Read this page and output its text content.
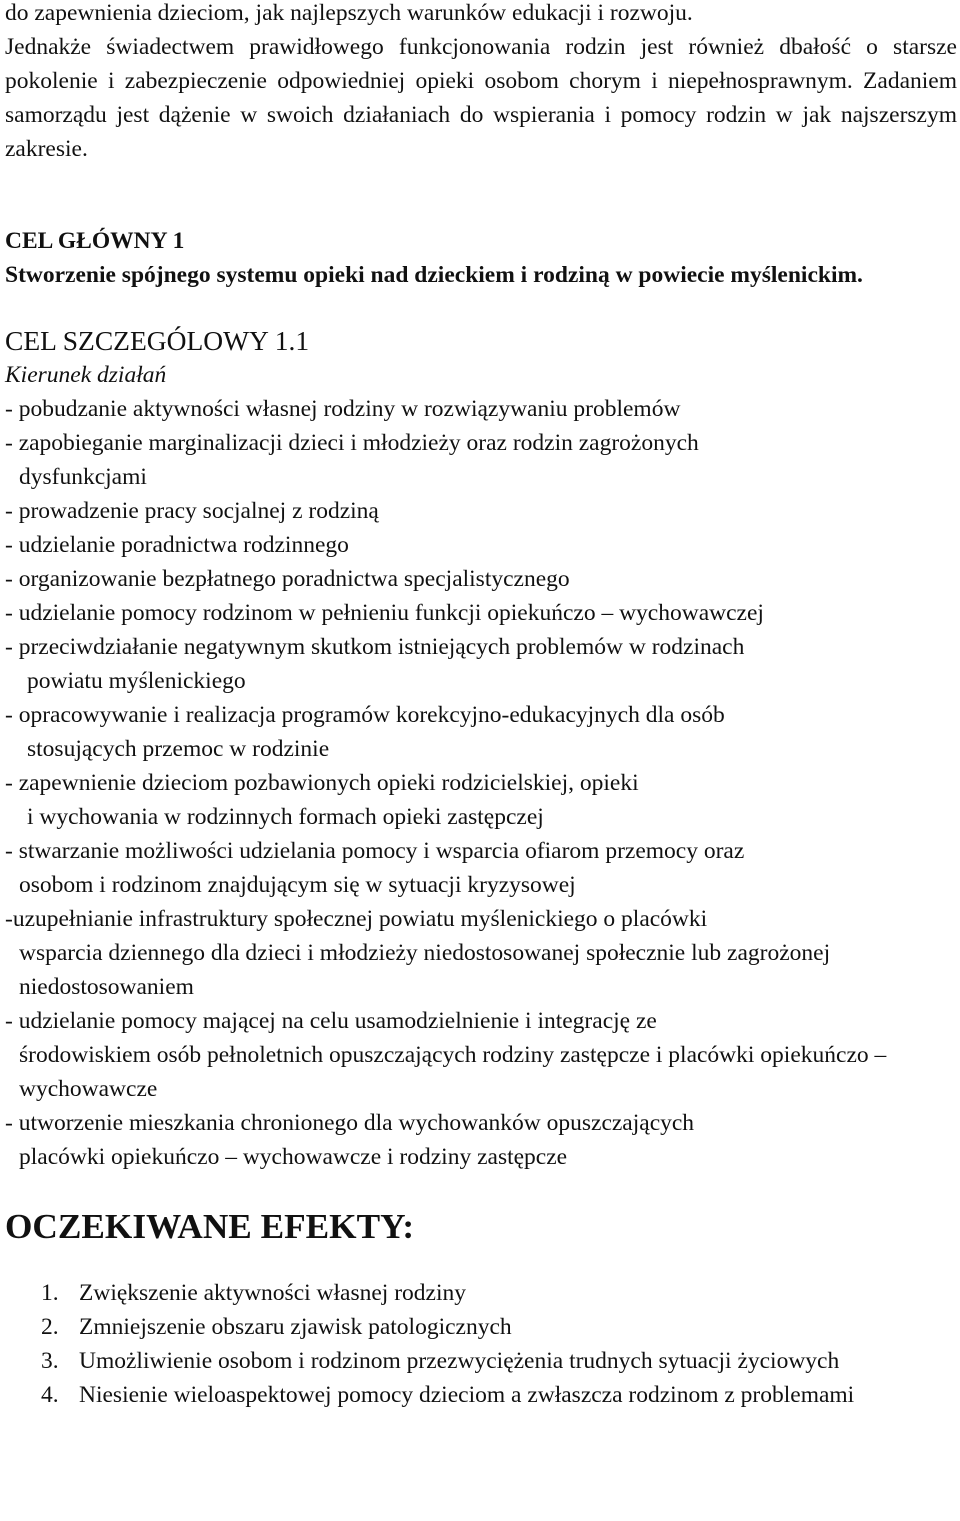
do zapewnienia dzieciom, jak najlepszych warunków edukacji i rozwoju.
Jednakże świadectwem prawidłowego funkcjonowania rodzin jest również dbałość o starsze pokolenie i zabezpieczenie odpowiedniej opieki osobom chorym i niepełnosprawnym. Zadaniem samorządu jest dążenie w swoich działaniach do wspierania i pomocy rodzin w jak najszerszym zakresie.

CEL GŁÓWNY 1

Stworzenie spójnego systemu opieki nad dzieckiem i rodziną w powiecie myślenickim.

CEL SZCZEGÓLOWY 1.1

Kierunek działań

- pobudzanie aktywności własnej rodziny w rozwiązywaniu problemów
- zapobieganie marginalizacji dzieci i młodzieży oraz rodzin zagrożonych
dysfunkcjami
- prowadzenie pracy socjalnej z rodziną
- udzielanie poradnictwa rodzinnego
- organizowanie bezpłatnego poradnictwa specjalistycznego
- udzielanie pomocy rodzinom w pełnieniu funkcji opiekuńczo – wychowawczej
- przeciwdziałanie negatywnym skutkom istniejących problemów w rodzinach
powiatu myślenickiego
- opracowywanie i realizacja programów korekcyjno-edukacyjnych dla osób
stosujących przemoc w rodzinie
- zapewnienie dzieciom pozbawionych opieki rodzicielskiej, opieki
i wychowania w rodzinnych formach opieki zastępczej
- stwarzanie możliwości udzielania pomocy i wsparcia ofiarom przemocy oraz
osobom i rodzinom znajdującym się w sytuacji kryzysowej
-uzupełnianie infrastruktury społecznej powiatu myślenickiego o placówki
wsparcia dziennego dla dzieci i młodzieży niedostosowanej społecznie lub zagrożonej niedostosowaniem
- udzielanie pomocy mającej na celu usamodzielnienie i integrację ze
środowiskiem osób pełnoletnich opuszczających rodziny zastępcze i placówki opiekuńczo – wychowawcze
- utworzenie mieszkania chronionego dla wychowanków opuszczających
placówki opiekuńczo – wychowawcze i rodziny zastępcze
OCZEKIWANE EFEKTY:
1. Zwiększenie aktywności własnej rodziny
2. Zmniejszenie obszaru zjawisk patologicznych
3. Umożliwienie osobom i rodzinom przezwyciężenia trudnych sytuacji życiowych
4. Niesienie wieloaspektowej pomocy dzieciom a zwłaszcza rodzinom z problemami
